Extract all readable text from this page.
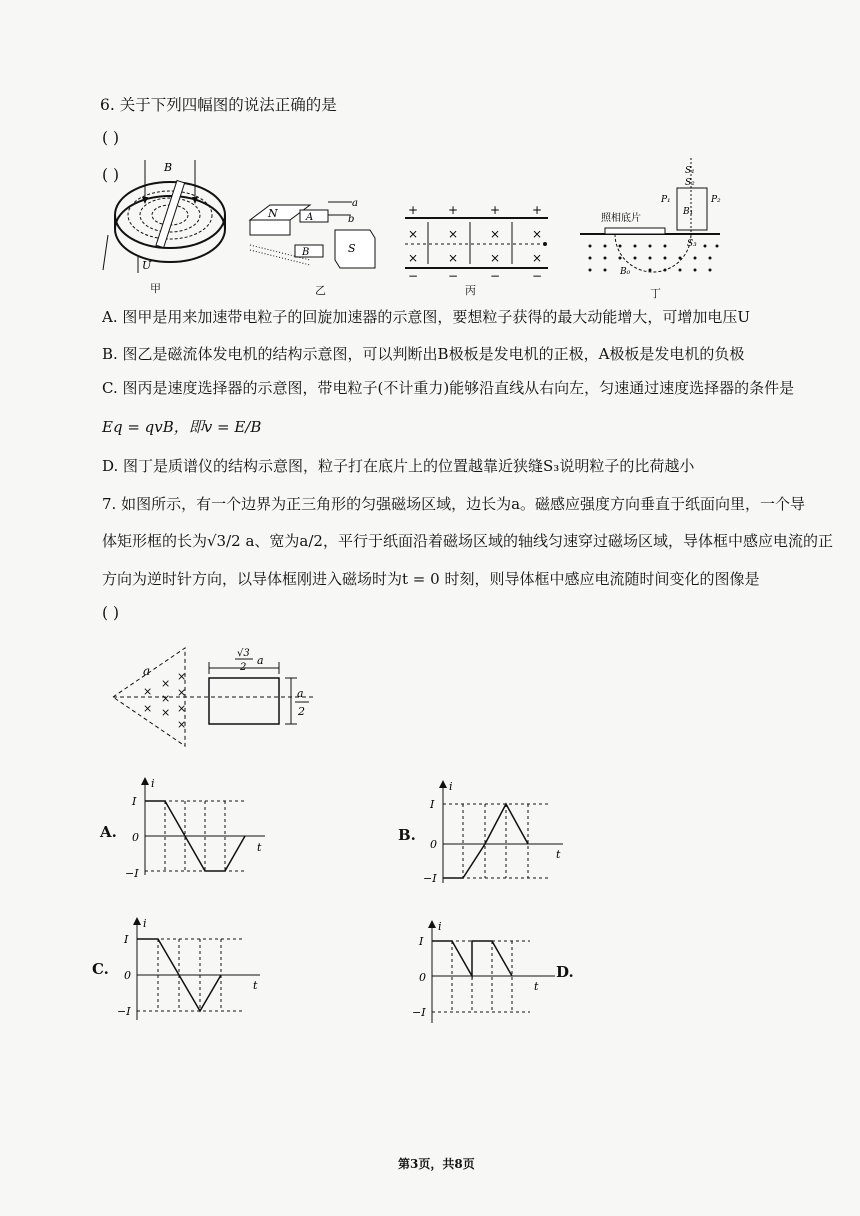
6. 关于下列四幅图的说法正确的是
( )
( )	B
U
甲
N	A
B	S
a
b
乙
+ +	+	+
− −	−	−
× ×	×	×
× ×	×	×
丙
S₁
S₂
P₁	P₂
B₁
S₃
照相底片
B₀
丁
A. 图甲是用来加速带电粒子的回旋加速器的示意图，要想粒子获得的最大动能增大，可增加电压U
B. 图乙是磁流体发电机的结构示意图，可以判断出B极板是发电机的正极，A极板是发电机的负极
C. 图丙是速度选择器的示意图，带电粒子(不计重力)能够沿直线从右向左，匀速通过速度选择器的条件是
Eq = qvB，即v = E/B
D. 图丁是质谱仪的结构示意图，粒子打在底片上的位置越靠近狭缝S₃说明粒子的比荷越小
7. 如图所示，有一个边界为正三角形的匀强磁场区域，边长为a。磁感应强度方向垂直于纸面向里，一个导
体矩形框的长为√3/2 a、宽为a/2，平行于纸面沿着磁场区域的轴线匀速穿过磁场区域，导体框中感应电流的正
方向为逆时针方向，以导体框刚进入磁场时为t = 0 时刻，则导体框中感应电流随时间变化的图像是
( )
a
×
×
×
×
×
×
×
×
×
√3
2
a
a
2
A.
i
t
I
0
−I
B.
i
t
I
0
−I
C.
i
t
I
0
−I
i
t
I
0
−I
D.
第3页，共8页
